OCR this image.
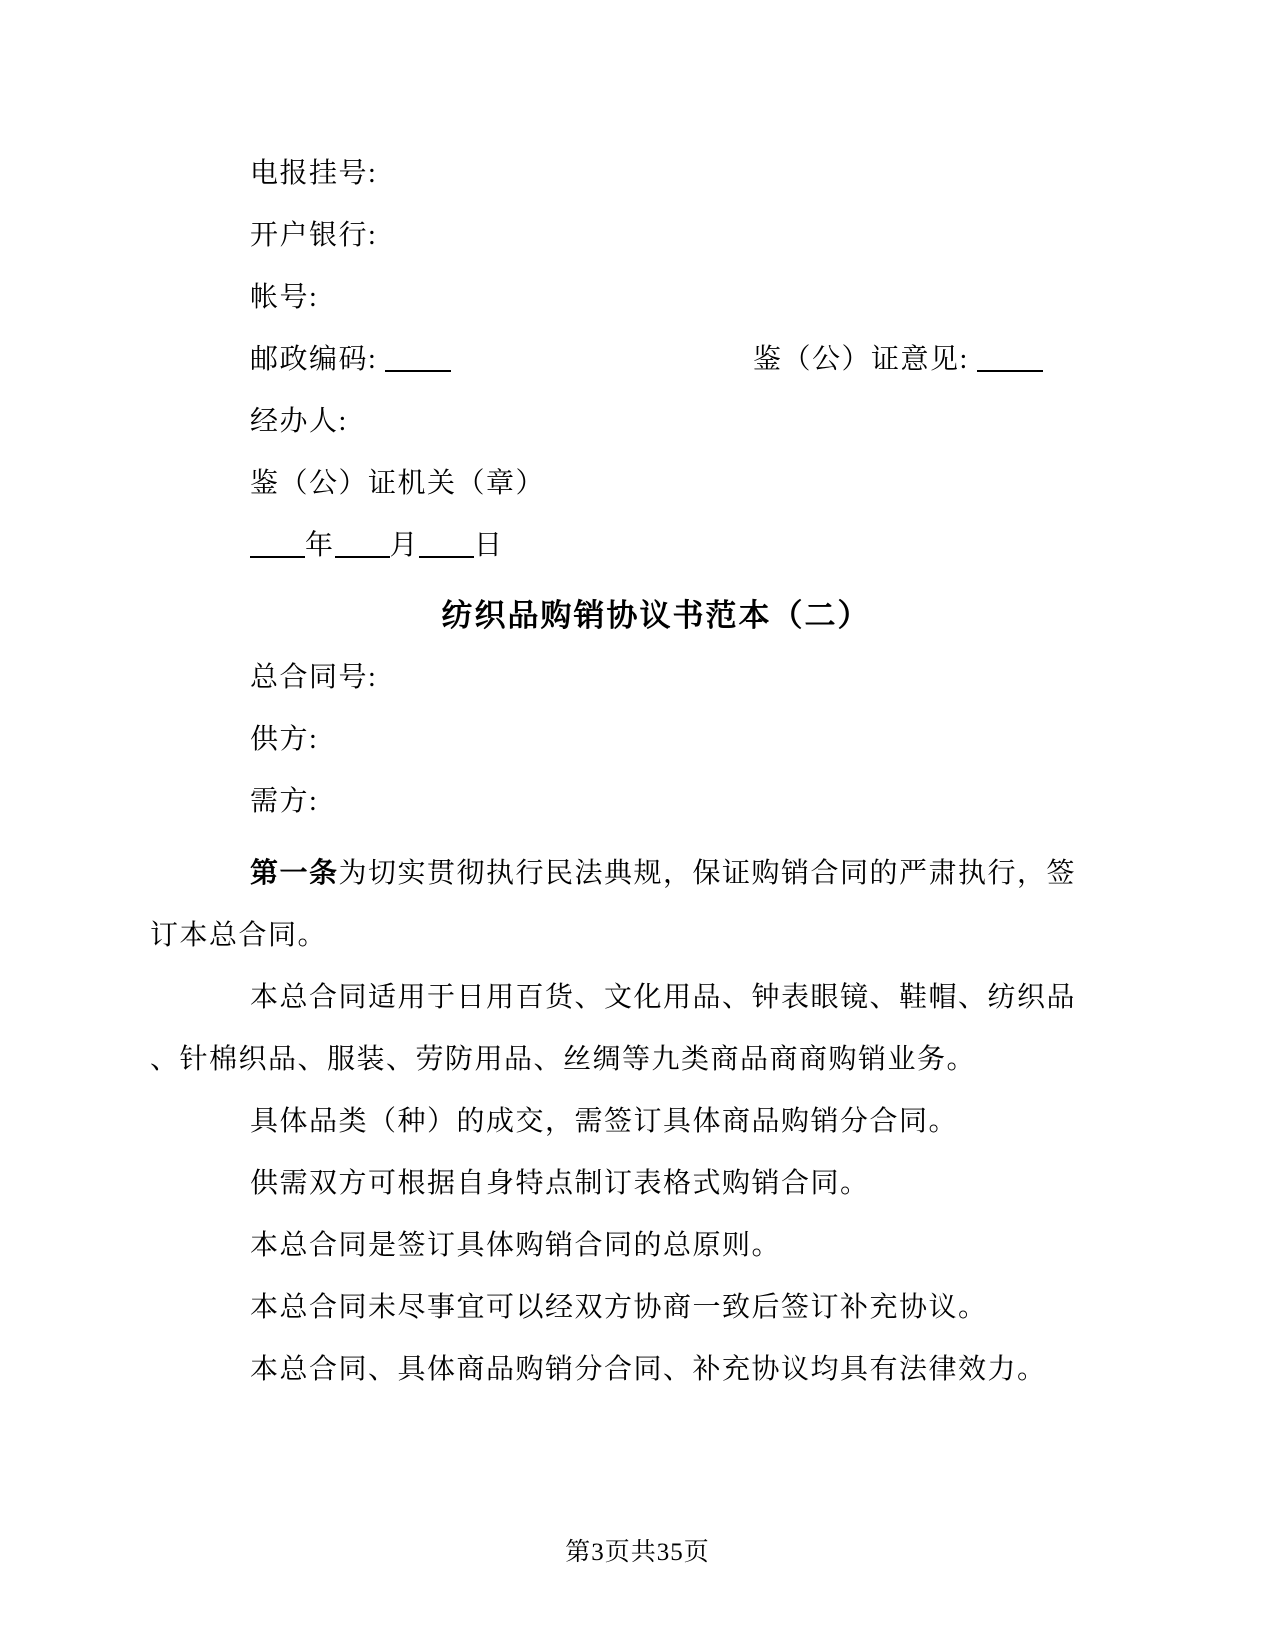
电报挂号:
开户银行:
帐号:
邮政编码:	鉴（公）证意见:
经办人:
鉴（公）证机关（章）
年 月 日
纺织品购销协议书范本（二）
总合同号:
供方:
需方:
第一条为切实贯彻执行民法典规，保证购销合同的严肃执行，签
订本总合同。
本总合同适用于日用百货、文化用品、钟表眼镜、鞋帽、纺织品
、针棉织品、服装、劳防用品、丝绸等九类商品商商购销业务。
具体品类（种）的成交，需签订具体商品购销分合同。
供需双方可根据自身特点制订表格式购销合同。
本总合同是签订具体购销合同的总原则。
本总合同未尽事宜可以经双方协商一致后签订补充协议。
本总合同、具体商品购销分合同、补充协议均具有法律效力。
第3页共35页
